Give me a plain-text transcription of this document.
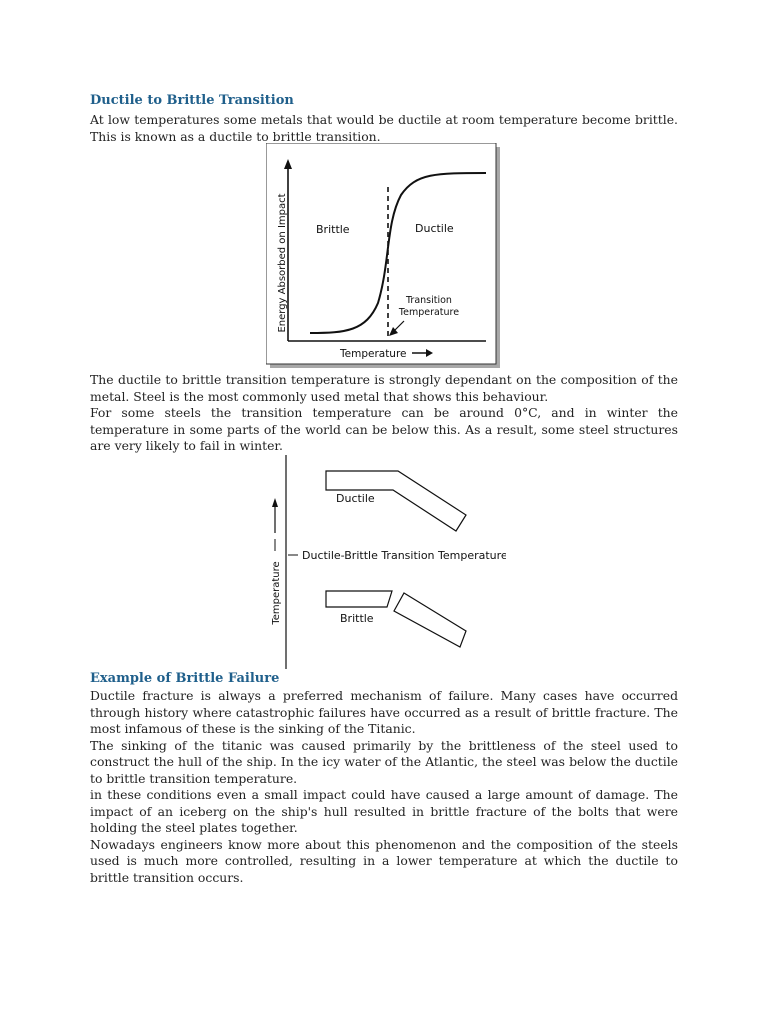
Ductile to Brittle Transition

At low temperatures some metals that would be ductile at room temperature become brittle. This is known as a ductile to brittle transition.

Energy Absorbed on Impact	Brittle	Ductile
Transition
Temperature
Temperature

The ductile to brittle transition temperature is strongly dependant on the composition of the metal. Steel is the most commonly used metal that shows this behaviour.

For some steels the transition temperature can be around 0°C, and in winter the temperature in some parts of the world can be below this. As a result, some steel structures are very likely to fail in winter.

Temperature
Ductile-Brittle Transition Temperature
Ductile
Brittle
Example of Brittle Failure

Ductile fracture is always a preferred mechanism of failure. Many cases have occurred through history where catastrophic failures have occurred as a result of brittle fracture. The most infamous of these is the sinking of the Titanic.

The sinking of the titanic was caused primarily by the brittleness of the steel used to construct the hull of the ship. In the icy water of the Atlantic, the steel was below the ductile to brittle transition temperature.

in these conditions even a small impact could have caused a large amount of damage. The impact of an iceberg on the ship's hull resulted in brittle fracture of the bolts that were holding the steel plates together.

Nowadays engineers know more about this phenomenon and the composition of the steels used is much more controlled, resulting in a lower temperature at which the ductile to brittle transition occurs.
